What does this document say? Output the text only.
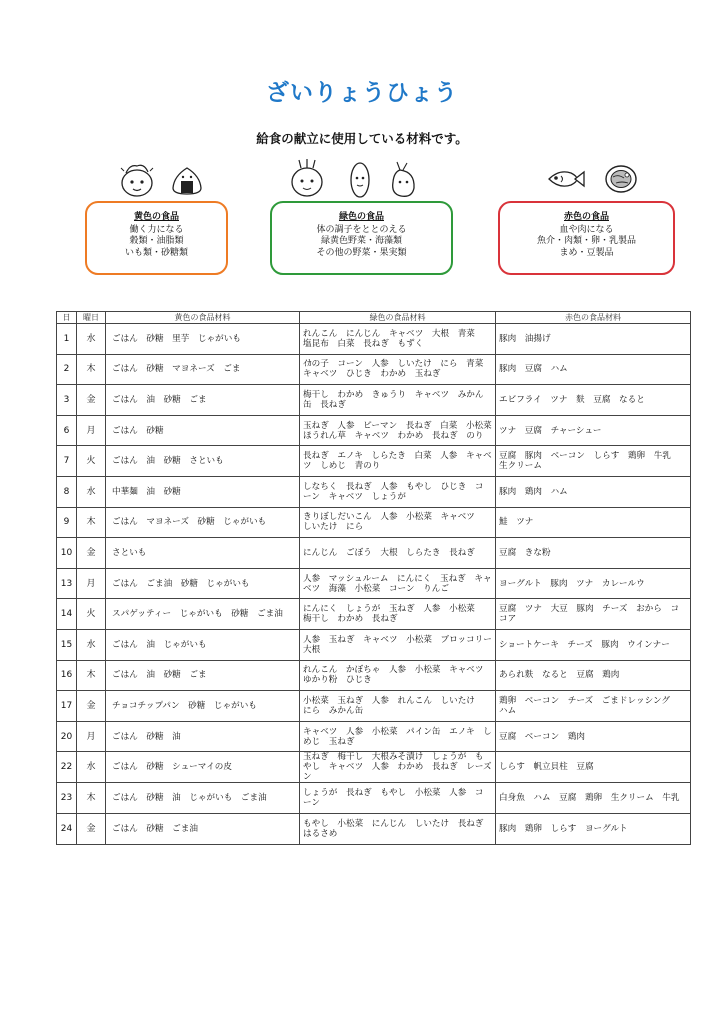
ざいりょうひょう
給食の献立に使用している材料です。
黄色の食品
働く力になる
穀類・油脂類
いも類・砂糖類
緑色の食品
体の調子をととのえる
緑黄色野菜・海藻類
その他の野菜・果実類
赤色の食品
血や肉になる
魚介・肉類・卵・乳製品
まめ・豆製品
日	曜日	黄色の食品材料	緑色の食品材料	赤色の食品材料
1	水	ごはん　砂糖　里芋　じゃがいも	れんこん　にんじん　キャベツ　大根　青菜　塩昆布　白菜　長ねぎ　もずく	豚肉　油揚げ
2	木	ごはん　砂糖　マヨネーズ　ごま	ｲｶの子　コーン　人参　しいたけ　にら　青菜　キャベツ　ひじき　わかめ　玉ねぎ	豚肉　豆腐　ハム
3	金	ごはん　油　砂糖　ごま	梅干し　わかめ　きゅうり　キャベツ　みかん缶　長ねぎ	エビフライ　ツナ　麩　豆腐　なると
6	月	ごはん　砂糖	玉ねぎ　人参　ピーマン　長ねぎ　白菜　小松菜　ほうれん草　キャベツ　わかめ　長ねぎ　のり	ツナ　豆腐　チャーシュー
7	火	ごはん　油　砂糖　さといも	長ねぎ　エノキ　しらたき　白菜　人参　キャベツ　しめじ　青のり	豆腐　豚肉　ベーコン　しらす　鶏卵　牛乳　生クリーム
8	水	中華麺　油　砂糖	しなちく　長ねぎ　人参　もやし　ひじき　コーン　キャベツ　しょうが	豚肉　鶏肉　ハム
9	木	ごはん　マヨネーズ　砂糖　じゃがいも	きりぼしだいこん　人参　小松菜　キャベツ　しいたけ　にら	鮭　ツナ
10	金	さといも	にんじん　ごぼう　大根　しらたき　長ねぎ	豆腐　きな粉
13	月	ごはん　ごま油　砂糖　じゃがいも	人参　マッシュルーム　にんにく　玉ねぎ　キャベツ　海藻　小松菜　コーン　りんご	ヨーグルト　豚肉　ツナ　カレールウ
14	火	スパゲッティー　じゃがいも　砂糖　ごま油	にんにく　しょうが　玉ねぎ　人参　小松菜　梅干し　わかめ　長ねぎ	豆腐　ツナ　大豆　豚肉　チーズ　おから　ココア
15	水	ごはん　油　じゃがいも	人参　玉ねぎ　キャベツ　小松菜　ブロッコリー　大根	ショートケーキ　チーズ　豚肉　ウインナー
16	木	ごはん　油　砂糖　ごま	れんこん　かぼちゃ　人参　小松菜　キャベツ　ゆかり粉　ひじき	あられ麩　なると　豆腐　鶏肉
17	金	チョコチップパン　砂糖　じゃがいも	小松菜　玉ねぎ　人参　れんこん　しいたけ　にら　みかん缶	鶏卵　ベーコン　チーズ　ごまドレッシング　ハム
20	月	ごはん　砂糖　油	キャベツ　人参　小松菜　パイン缶　エノキ　しめじ　玉ねぎ	豆腐　ベーコン　鶏肉
22	水	ごはん　砂糖　シューマイの皮	玉ねぎ　梅干し　大根みそ漬け　しょうが　もやし　キャベツ　人参　わかめ　長ねぎ　レーズン	しらす　帆立貝柱　豆腐
23	木	ごはん　砂糖　油　じゃがいも　ごま油	しょうが　長ねぎ　もやし　小松菜　人参　コーン	白身魚　ハム　豆腐　鶏卵　生クリーム　牛乳
24	金	ごはん　砂糖　ごま油	もやし　小松菜　にんじん　しいたけ　長ねぎ　はるさめ	豚肉　鶏卵　しらす　ヨーグルト
